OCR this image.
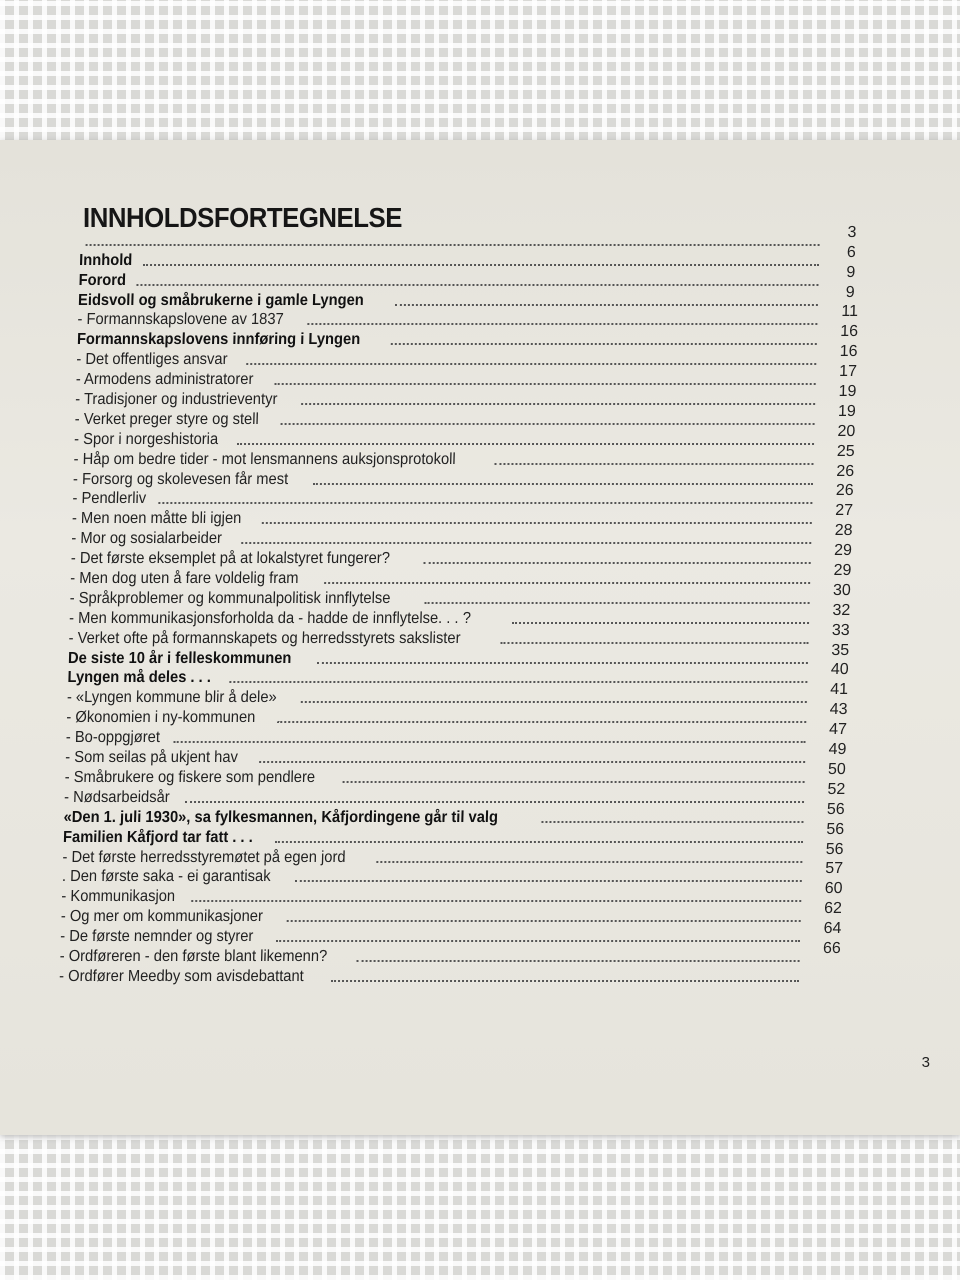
INNHOLDSFORTEGNELSE	3
Innhold	6
Forord	9
Eidsvoll og småbrukerne i gamle Lyngen	9
- Formannskapslovene av 1837	11
Formannskapslovens innføring i Lyngen	16
- Det offentliges ansvar	16
- Armodens administratorer	17
- Tradisjoner og industrieventyr	19
- Verket preger styre og stell	19
- Spor i norgeshistoria	20
- Håp om bedre tider - mot lensmannens auksjonsprotokoll	25
- Forsorg og skolevesen får mest	26
- Pendlerliv	26
- Men noen måtte bli igjen	27
- Mor og sosialarbeider	28
- Det første eksemplet på at lokalstyret fungerer?	29
- Men dog uten å fare voldelig fram	29
- Språkproblemer og kommunalpolitisk innflytelse	30
- Men kommunikasjonsforholda da - hadde de innflytelse. . . ?	32
- Verket ofte på formannskapets og herredsstyrets sakslister	33
De siste 10 år i felleskommunen	35
Lyngen må deles . . .	40
- «Lyngen kommune blir å dele»	41
- Økonomien i ny-kommunen	43
- Bo-oppgjøret	47
- Som seilas på ukjent hav	49
- Småbrukere og fiskere som pendlere	50
- Nødsarbeidsår	52
«Den 1. juli 1930», sa fylkesmannen, Kåfjordingene går til valg	56
Familien Kåfjord tar fatt . . .	56
- Det første herredsstyremøtet på egen jord	56
. Den første saka - ei garantisak	57
- Kommunikasjon	60
- Og mer om kommunikasjoner	62
- De første nemnder og styrer	64
- Ordføreren - den første blant likemenn?	66
- Ordfører Meedby som avisdebattant
3
